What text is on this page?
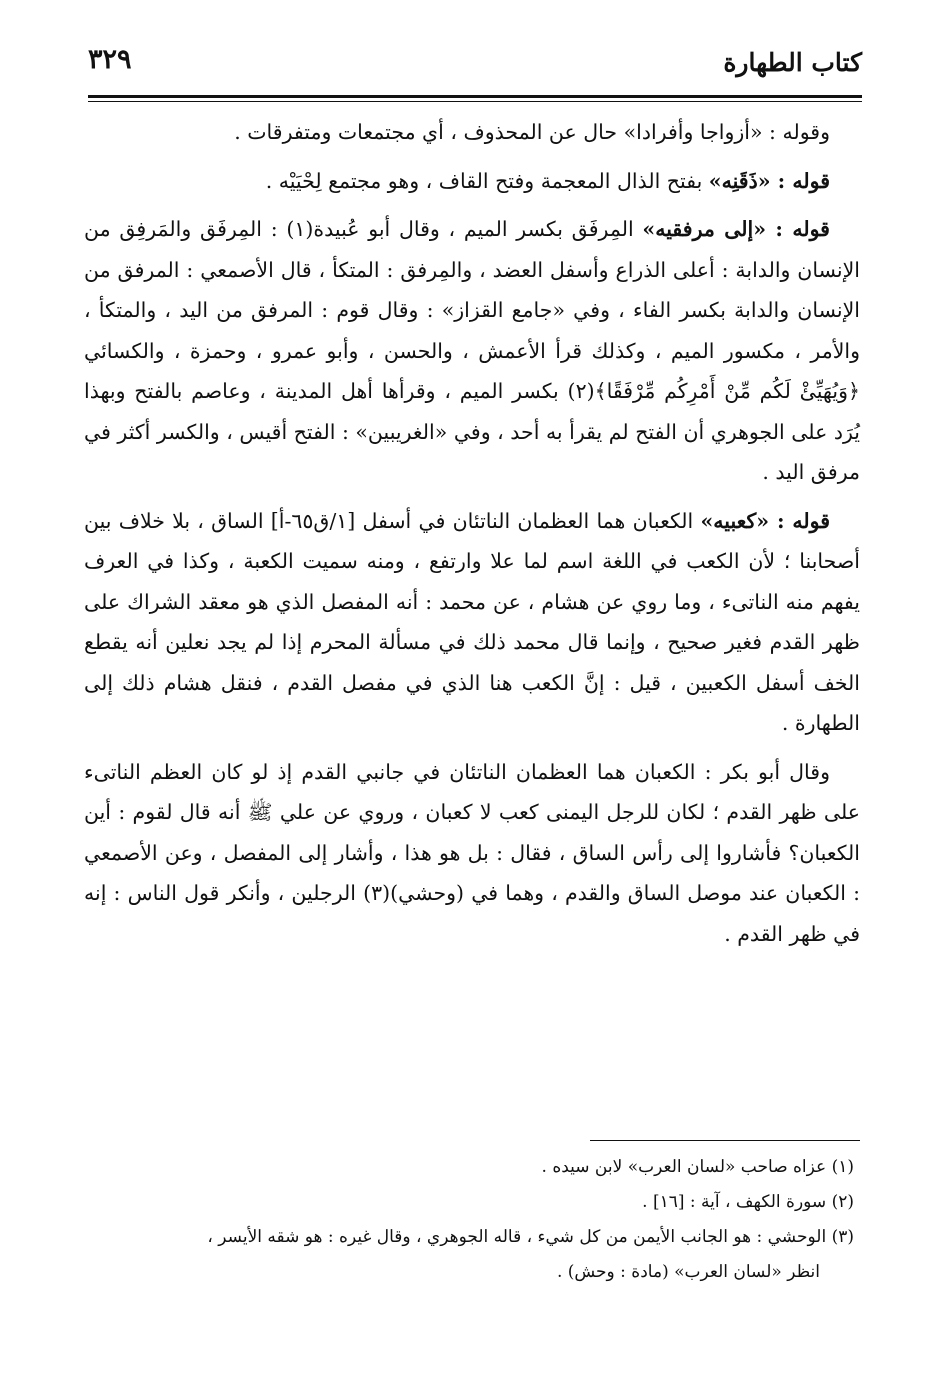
كتاب الطهارة
٣٢٩

وقوله : «أزواجا وأفرادا» حال عن المحذوف ، أي مجتمعات ومتفرقات .

قوله : «ذَقَنِه» بفتح الذال المعجمة وفتح القاف ، وهو مجتمع لِحْيَيْه .

قوله : «إلى مرفقيه» المِرفَق بكسر الميم ، وقال أبو عُبيدة(١) : المِرفَق والمَرفِق من الإنسان والدابة : أعلى الذراع وأسفل العضد ، والمِرفق : المتكأ ، قال الأصمعي : المرفق من الإنسان والدابة بكسر الفاء ، وفي «جامع القزاز» : وقال قوم : المرفق من اليد ، والمتكأ ، والأمر ، مكسور الميم ، وكذلك قرأ الأعمش ، والحسن ، وأبو عمرو ، وحمزة ، والكسائي ﴿وَيُهَيِّئْ لَكُم مِّنْ أَمْرِكُم مِّرْفَقًا﴾(٢) بكسر الميم ، وقرأها أهل المدينة ، وعاصم بالفتح وبهذا يُرَد على الجوهري أن الفتح لم يقرأ به أحد ، وفي «الغريبين» : الفتح أقيس ، والكسر أكثر في مرفق اليد .

قوله : «كعبيه» الكعبان هما العظمان الناتئان في أسفل [١/ق٦٥-أ] الساق ، بلا خلاف بين أصحابنا ؛ لأن الكعب في اللغة اسم لما علا وارتفع ، ومنه سميت الكعبة ، وكذا في العرف يفهم منه الناتىء ، وما روي عن هشام ، عن محمد : أنه المفصل الذي هو معقد الشراك على ظهر القدم فغير صحيح ، وإنما قال محمد ذلك في مسألة المحرم إذا لم يجد نعلين أنه يقطع الخف أسفل الكعبين ، قيل : إنَّ الكعب هنا الذي في مفصل القدم ، فنقل هشام ذلك إلى الطهارة .

وقال أبو بكر : الكعبان هما العظمان الناتئان في جانبي القدم إذ لو كان العظم الناتىء على ظهر القدم ؛ لكان للرجل اليمنى كعب لا كعبان ، وروي عن علي ﷺ أنه قال لقوم : أين الكعبان؟ فأشاروا إلى رأس الساق ، فقال : بل هو هذا ، وأشار إلى المفصل ، وعن الأصمعي : الكعبان عند موصل الساق والقدم ، وهما في (وحشي)(٣) الرجلين ، وأنكر قول الناس : إنه في ظهر القدم .

(١) عزاه صاحب «لسان العرب» لابن سيده .

(٢) سورة الكهف ، آية : [١٦] .

(٣) الوحشي : هو الجانب الأيمن من كل شيء ، قاله الجوهري ، وقال غيره : هو شقه الأيسر ،

انظر «لسان العرب» (مادة : وحش) .
